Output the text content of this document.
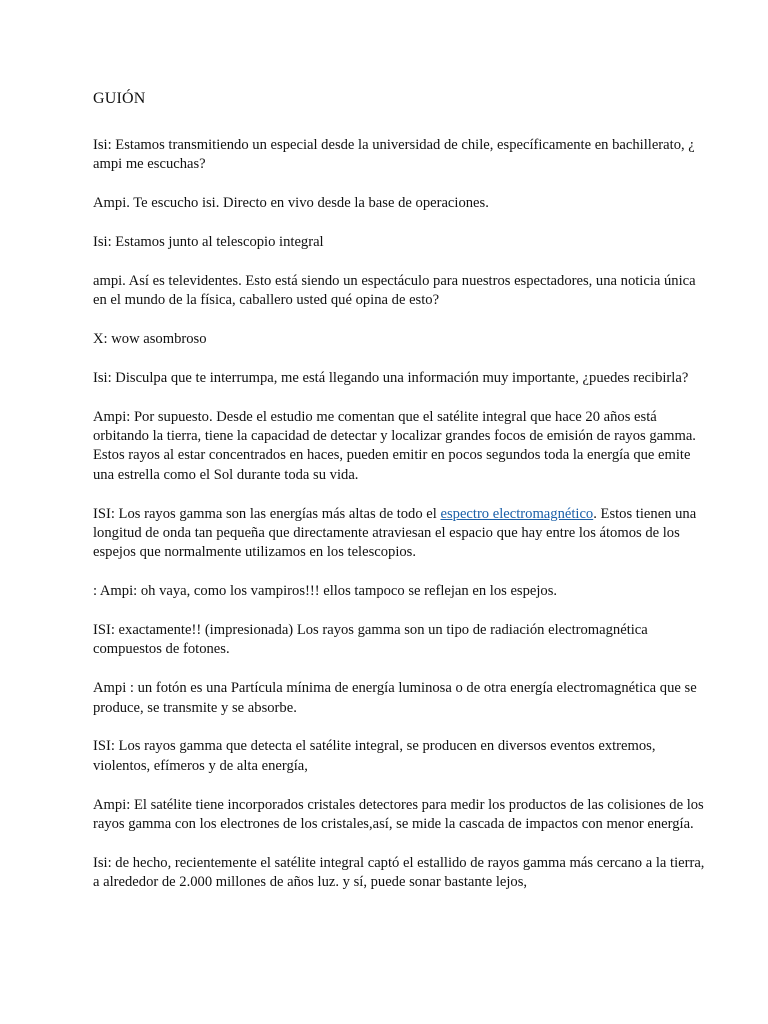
GUIÓN

Isi: Estamos transmitiendo un especial desde la universidad de chile, específicamente en bachillerato, ¿ ampi me escuchas?

Ampi. Te escucho isi. Directo en vivo desde la base de operaciones.

Isi: Estamos junto al telescopio integral

ampi. Así es televidentes. Esto está siendo un espectáculo para nuestros espectadores, una noticia única en el mundo de la física, caballero usted qué opina de esto?

X: wow asombroso

Isi: Disculpa que te interrumpa, me está llegando una información muy importante, ¿puedes recibirla?

Ampi: Por supuesto. Desde el estudio me comentan que el satélite integral que hace 20 años está orbitando la tierra, tiene la capacidad de detectar y localizar grandes focos de emisión de rayos gamma. Estos rayos al estar concentrados en haces, pueden emitir en pocos segundos toda la energía que emite una estrella como el Sol durante toda su vida.

ISI: Los rayos gamma son las energías más altas de todo el espectro electromagnético. Estos tienen una longitud de onda tan pequeña que directamente atraviesan el espacio que hay entre los átomos de los espejos que normalmente utilizamos en los telescopios.

: Ampi: oh vaya, como los vampiros!!! ellos tampoco se reflejan en los espejos.

ISI: exactamente!! (impresionada) Los rayos gamma son un tipo de radiación electromagnética compuestos de fotones.

Ampi : un fotón es una Partícula mínima de energía luminosa o de otra energía electromagnética que se produce, se transmite y se absorbe.

ISI: Los rayos gamma que detecta el satélite integral, se producen en diversos eventos extremos, violentos, efímeros y de alta energía,

Ampi: El satélite tiene incorporados cristales detectores para medir los productos de las colisiones de los rayos gamma con los electrones de los cristales,así, se mide la cascada de impactos con menor energía.

Isi: de hecho, recientemente el satélite integral captó el estallido de rayos gamma más cercano a la tierra, a alrededor de 2.000 millones de años luz. y sí, puede sonar bastante lejos,
